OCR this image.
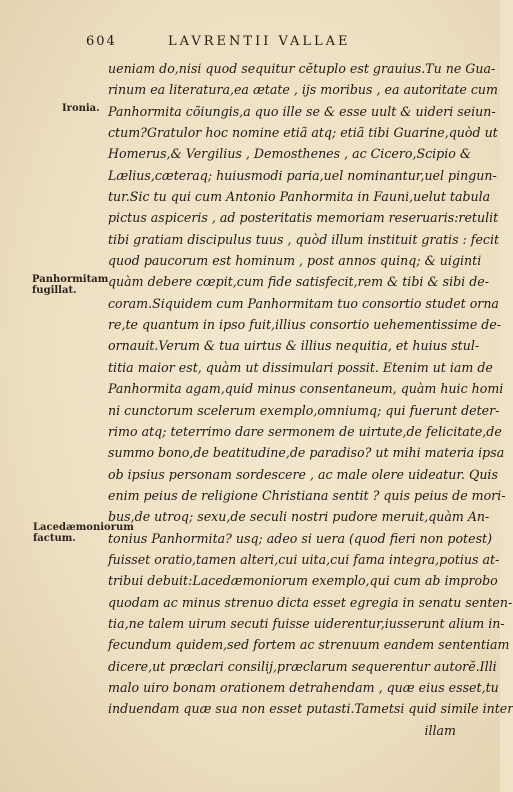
604	LAVRENTII VALLAE
Ironia.
Panhormitam fugillat.
Lacedæmoniorum factum.
ueniam do,nisi quod sequitur cĕtuplo est grauius.Tu ne Gua-
rinum ea literatura,ea ætate , ijs moribus , ea autoritate cum
Panhormita cõiungis,a quo ille se & esse uult & uideri seiun-
ctum?Gratulor hoc nomine etiã atq; etiã tibi Guarine,quòd ut
Homerus,& Vergilius , Demosthenes , ac Cicero,Scipio &
Lælius,cæteraq; huiusmodi paria,uel nominantur,uel pingun-
tur.Sic tu qui cum Antonio Panhormita in Fauni,uelut tabula
pictus aspiceris , ad posteritatis memoriam reseruaris:retulit
tibi gratiam discipulus tuus , quòd illum instituit gratis : fecit
quod paucorum est hominum , post annos quinq; & uiginti
quàm debere cœpit,cum fide satisfecit,rem & tibi & sibi de-
coram.Siquidem cum Panhormitam tuo consortio studet orna
re,te quantum in ipso fuit,illius consortio uehementissime de-
ornauit.Verum & tua uirtus & illius nequitia, et huius stul-
titia maior est, quàm ut dissimulari possit. Etenim ut iam de
Panhormita agam,quid minus consentaneum, quàm huic homi
ni cunctorum scelerum exemplo,omniumq; qui fuerunt deter-
rimo atq; teterrimo dare sermonem de uirtute,de felicitate,de
summo bono,de beatitudine,de paradiso? ut mihi materia ipsa
ob ipsius personam sordescere , ac male olere uideatur. Quis
enim peius de religione Christiana sentit ? quis peius de mori-
bus,de utroq; sexu,de seculi nostri pudore meruit,quàm An-
tonius Panhormita? usq; adeo si uera (quod fieri non potest)
fuisset oratio,tamen alteri,cui uita,cui fama integra,potius at-
tribui debuit:Lacedæmoniorum exemplo,qui cum ab improbo
quodam ac minus strenuo dicta esset egregia in senatu senten-
tia,ne talem uirum secuti fuisse uiderentur,iusserunt alium in-
fecundum quidem,sed fortem ac strenuum eandem sententiam
dicere,ut præclari consilij,præclarum sequerentur autorĕ.Illi
malo uiro bonam orationem detrahendam , quæ eius esset,tu
induendam quæ sua non esset putasti.Tametsi quid simile inter
illam
